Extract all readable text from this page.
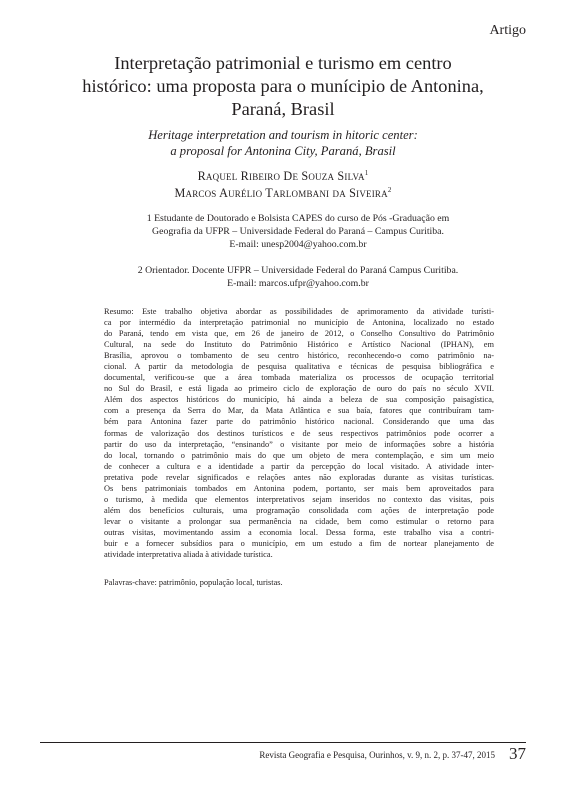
Artigo
Interpretação patrimonial e turismo em centro histórico: uma proposta para o munícipio de Antonina, Paraná, Brasil
Heritage interpretation and tourism in hitoric center:
a proposal for Antonina City, Paraná, Brasil
Raquel Ribeiro De Souza Silva$^1$
Marcos Aurélio Tarlombani da Siveira$^2$
1 Estudante de Doutorado e Bolsista CAPES do curso de Pós -Graduação em
Geografia da UFPR – Universidade Federal do Paraná – Campus Curitiba.
E-mail: unesp2004@yahoo.com.br
2 Orientador. Docente UFPR – Universidade Federal do Paraná Campus Curitiba.
E-mail: marcos.ufpr@yahoo.com.br
Resumo: Este trabalho objetiva abordar as possibilidades de aprimoramento da atividade turísti-
ca por intermédio da interpretação patrimonial no município de Antonina, localizado no estado
do Paraná, tendo em vista que, em 26 de janeiro de 2012, o Conselho Consultivo do Patrimônio
Cultural, na sede do Instituto do Patrimônio Histórico e Artístico Nacional (IPHAN), em
Brasília, aprovou o tombamento de seu centro histórico, reconhecendo-o como patrimônio na-
cional. A partir da metodologia de pesquisa qualitativa e técnicas de pesquisa bibliográfica e
documental, verificou-se que a área tombada materializa os processos de ocupação territorial
no Sul do Brasil, e está ligada ao primeiro ciclo de exploração de ouro do país no século XVII.
Além dos aspectos históricos do município, há ainda a beleza de sua composição paisagística,
com a presença da Serra do Mar, da Mata Atlântica e sua baía, fatores que contribuíram tam-
bém para Antonina fazer parte do patrimônio histórico nacional. Considerando que uma das
formas de valorização dos destinos turísticos e de seus respectivos patrimônios pode ocorrer a
partir do uso da interpretação, “ensinando” o visitante por meio de informações sobre a história
do local, tornando o patrimônio mais do que um objeto de mera contemplação, e sim um meio
de conhecer a cultura e a identidade a partir da percepção do local visitado. A atividade inter-
pretativa pode revelar significados e relações antes não exploradas durante as visitas turísticas.
Os bens patrimoniais tombados em Antonina podem, portanto, ser mais bem aproveitados para
o turismo, à medida que elementos interpretativos sejam inseridos no contexto das visitas, pois
além dos benefícios culturais, uma programação consolidada com ações de interpretação pode
levar o visitante a prolongar sua permanência na cidade, bem como estimular o retorno para
outras visitas, movimentando assim a economia local. Dessa forma, este trabalho visa a contri-
buir e a fornecer subsídios para o município, em um estudo a fim de nortear planejamento de
atividade interpretativa aliada à atividade turística.
Palavras-chave: patrimônio, população local, turistas.
Revista Geografia e Pesquisa, Ourinhos, v. 9, n. 2, p. 37-47, 2015 37
